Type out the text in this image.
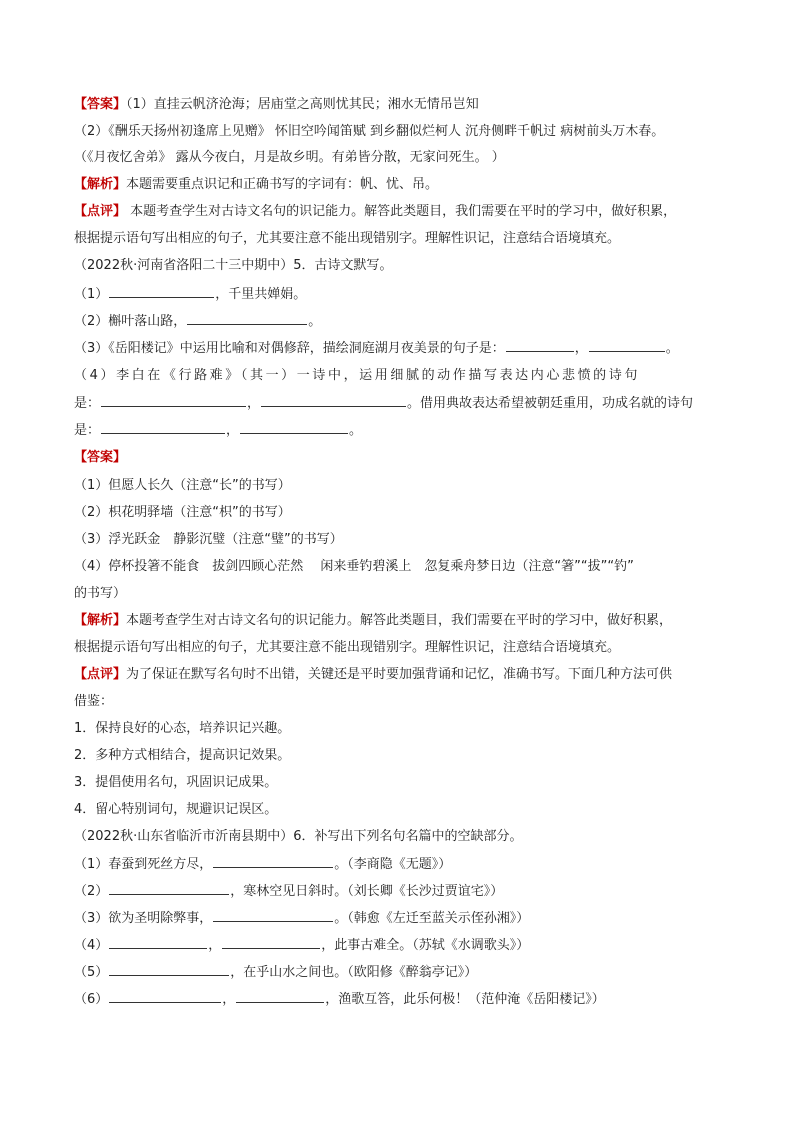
【答案】（1）直挂云帆济沧海；居庙堂之高则忧其民；湘水无情吊岂知
（2）《酬乐天扬州初逢席上见赠》 怀旧空吟闻笛赋 到乡翻似烂柯人 沉舟侧畔千帆过 病树前头万木春。
（《月夜忆舍弟》 露从今夜白，月是故乡明。有弟皆分散，无家问死生。 ）
【解析】本题需要重点识记和正确书写的字词有：帆、忧、吊。
【点评】 本题考查学生对古诗文名句的识记能力。解答此类题目，我们需要在平时的学习中，做好积累，
根据提示语句写出相应的句子，尤其要注意不能出现错别字。理解性识记，注意结合语境填充。
（2022秋·河南省洛阳二十三中期中）5．古诗文默写。
（1）	，千里共婵娟。
（2）槲叶落山路，	。
（3）《岳阳楼记》中运用比喻和对偶修辞，描绘洞庭湖月夜美景的句子是：	，	。
（4）李白在《行路难》（其一）一诗中，运用细腻的动作描写表达内心悲愤的诗句
是：	，	。借用典故表达希望被朝廷重用，功成名就的诗句
是：	，	。
【答案】
（1）但愿人长久（注意“长”的书写）
（2）枳花明驿墙（注意“枳”的书写）
（3）浮光跃金　静影沉璧（注意“璧”的书写）
（4）停杯投箸不能食　拔剑四顾心茫然　 闲来垂钓碧溪上　忽复乘舟梦日边（注意“箸”“拔”“钓”
的书写）
【解析】本题考查学生对古诗文名句的识记能力。解答此类题目，我们需要在平时的学习中，做好积累，
根据提示语句写出相应的句子，尤其要注意不能出现错别字。理解性识记，注意结合语境填充。
【点评】为了保证在默写名句时不出错，关键还是平时要加强背诵和记忆，准确书写。下面几种方法可供
借鉴：
1．保持良好的心态，培养识记兴趣。
2．多种方式相结合，提高识记效果。
3．提倡使用名句，巩固识记成果。
4．留心特别词句，规避识记误区。
（2022秋·山东省临沂市沂南县期中）6．补写出下列名句名篇中的空缺部分。
（1）春蚕到死丝方尽，	。（李商隐《无题》）
（2）	，寒林空见日斜时。（刘长卿《长沙过贾谊宅》）
（3）欲为圣明除弊事，	。（韩愈《左迁至蓝关示侄孙湘》）
（4）	，	，此事古难全。（苏轼《水调歌头》）
（5）	，在乎山水之间也。（欧阳修《醉翁亭记》）
（6）	，	，渔歌互答，此乐何极！（范仲淹《岳阳楼记》）
